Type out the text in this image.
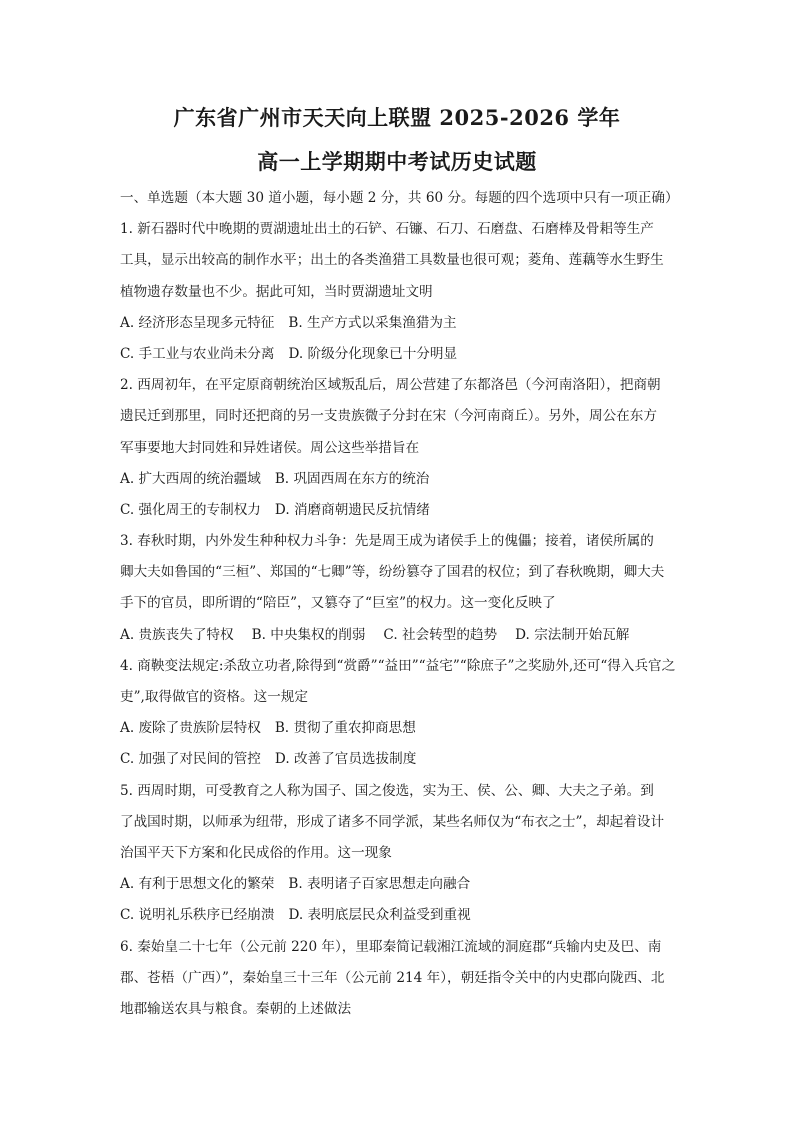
广东省广州市天天向上联盟 2025-2026 学年
高一上学期期中考试历史试题
一、单选题（本大题 30 道小题，每小题 2 分，共 60 分。每题的四个选项中只有一项正确）
1. 新石器时代中晚期的贾湖遗址出土的石铲、石镰、石刀、石磨盘、石磨棒及骨耜等生产
工具，显示出较高的制作水平；出土的各类渔猎工具数量也很可观；菱角、莲藕等水生野生
植物遗存数量也不少。据此可知，当时贾湖遗址文明
A. 经济形态呈现多元特征 B. 生产方式以采集渔猎为主
C. 手工业与农业尚未分离 D. 阶级分化现象已十分明显
2. 西周初年，在平定原商朝统治区域叛乱后，周公营建了东都洛邑（今河南洛阳），把商朝
遗民迁到那里，同时还把商的另一支贵族微子分封在宋（今河南商丘）。另外，周公在东方
军事要地大封同姓和异姓诸侯。周公这些举措旨在
A. 扩大西周的统治疆域 B. 巩固西周在东方的统治
C. 强化周王的专制权力 D. 消磨商朝遗民反抗情绪
3. 春秋时期，内外发生种种权力斗争：先是周王成为诸侯手上的傀儡；接着，诸侯所属的
卿大夫如鲁国的“三桓”、郑国的“七卿”等，纷纷篡夺了国君的权位；到了春秋晚期，卿大夫
手下的官员，即所谓的“陪臣”，又篡夺了“巨室”的权力。这一变化反映了
A. 贵族丧失了特权 B. 中央集权的削弱 C. 社会转型的趋势 D. 宗法制开始瓦解
4. 商鞅变法规定:杀敌立功者,除得到“赏爵”“益田”“益宅”“除庶子”之奖励外,还可“得入兵官之
吏”,取得做官的资格。这一规定
A. 废除了贵族阶层特权 B. 贯彻了重农抑商思想
C. 加强了对民间的管控 D. 改善了官员选拔制度
5. 西周时期，可受教育之人称为国子、国之俊选，实为王、侯、公、卿、大夫之子弟。到
了战国时期，以师承为纽带，形成了诸多不同学派，某些名师仅为“布衣之士”，却起着设计
治国平天下方案和化民成俗的作用。这一现象
A. 有利于思想文化的繁荣 B. 表明诸子百家思想走向融合
C. 说明礼乐秩序已经崩溃 D. 表明底层民众利益受到重视
6. 秦始皇二十七年（公元前 220 年），里耶秦简记载湘江流域的洞庭郡“兵输内史及巴、南
郡、苍梧（广西）”，秦始皇三十三年（公元前 214 年），朝廷指令关中的内史郡向陇西、北
地郡输送农具与粮食。秦朝的上述做法
